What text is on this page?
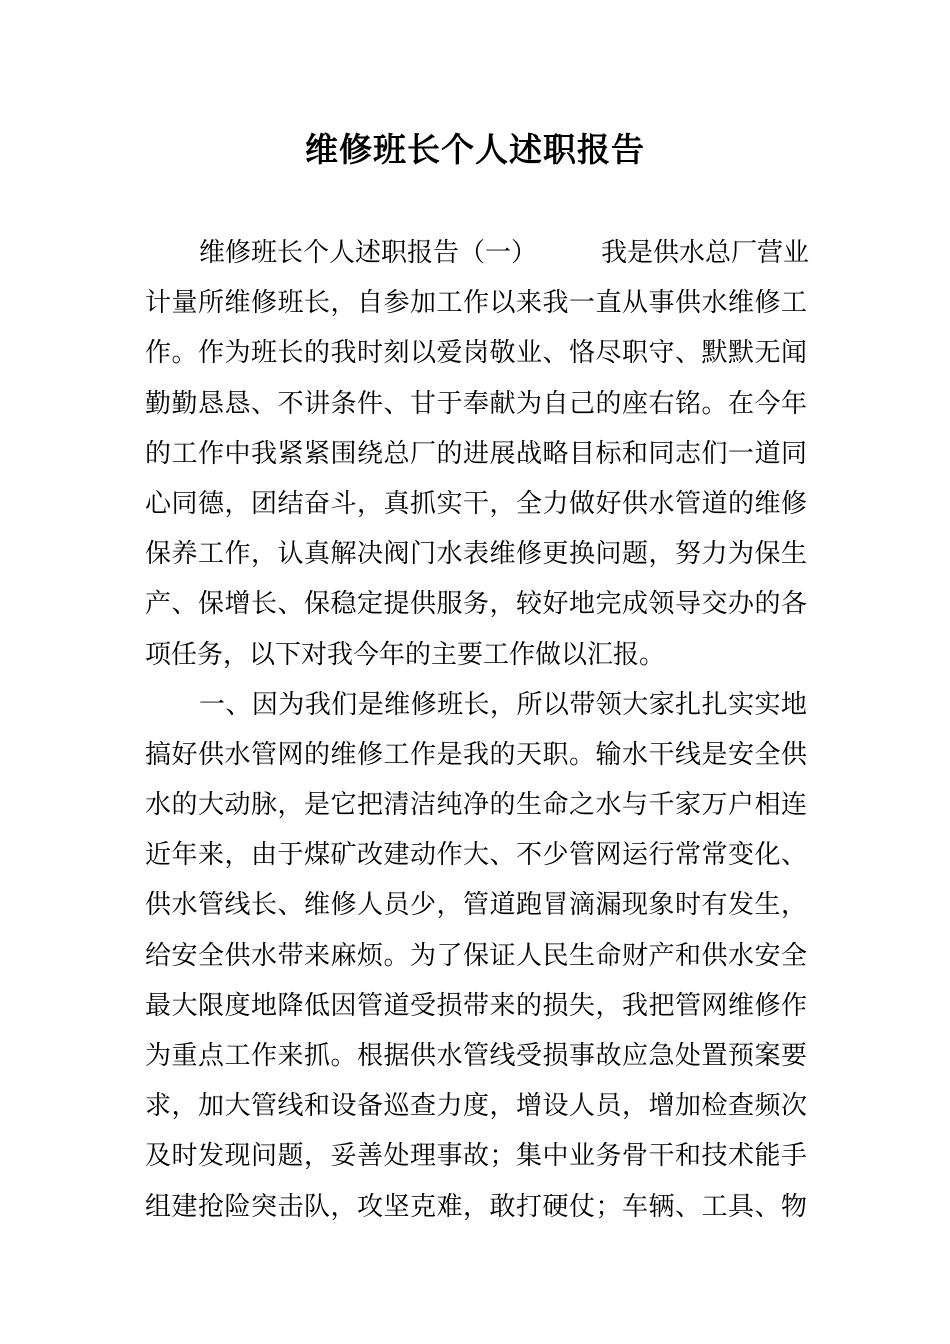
维修班长个人述职报告
维修班长个人述职报告（一） 我是供水总厂营业
计量所维修班长，自参加工作以来我一直从事供水维修工
作。作为班长的我时刻以爱岗敬业、恪尽职守、默默无闻
勤勤恳恳、不讲条件、甘于奉献为自己的座右铭。在今年
的工作中我紧紧围绕总厂的进展战略目标和同志们一道同
心同德，团结奋斗，真抓实干，全力做好供水管道的维修
保养工作，认真解决阀门水表维修更换问题，努力为保生
产、保增长、保稳定提供服务，较好地完成领导交办的各
项任务，以下对我今年的主要工作做以汇报。
一、因为我们是维修班长，所以带领大家扎扎实实地
搞好供水管网的维修工作是我的天职。输水干线是安全供
水的大动脉，是它把清洁纯净的生命之水与千家万户相连
近年来，由于煤矿改建动作大、不少管网运行常常变化、
供水管线长、维修人员少，管道跑冒滴漏现象时有发生，
给安全供水带来麻烦。为了保证人民生命财产和供水安全
最大限度地降低因管道受损带来的损失，我把管网维修作
为重点工作来抓。根据供水管线受损事故应急处置预案要
求，加大管线和设备巡查力度，增设人员，增加检查频次
及时发现问题，妥善处理事故；集中业务骨干和技术能手
组建抢险突击队，攻坚克难，敢打硬仗；车辆、工具、物
